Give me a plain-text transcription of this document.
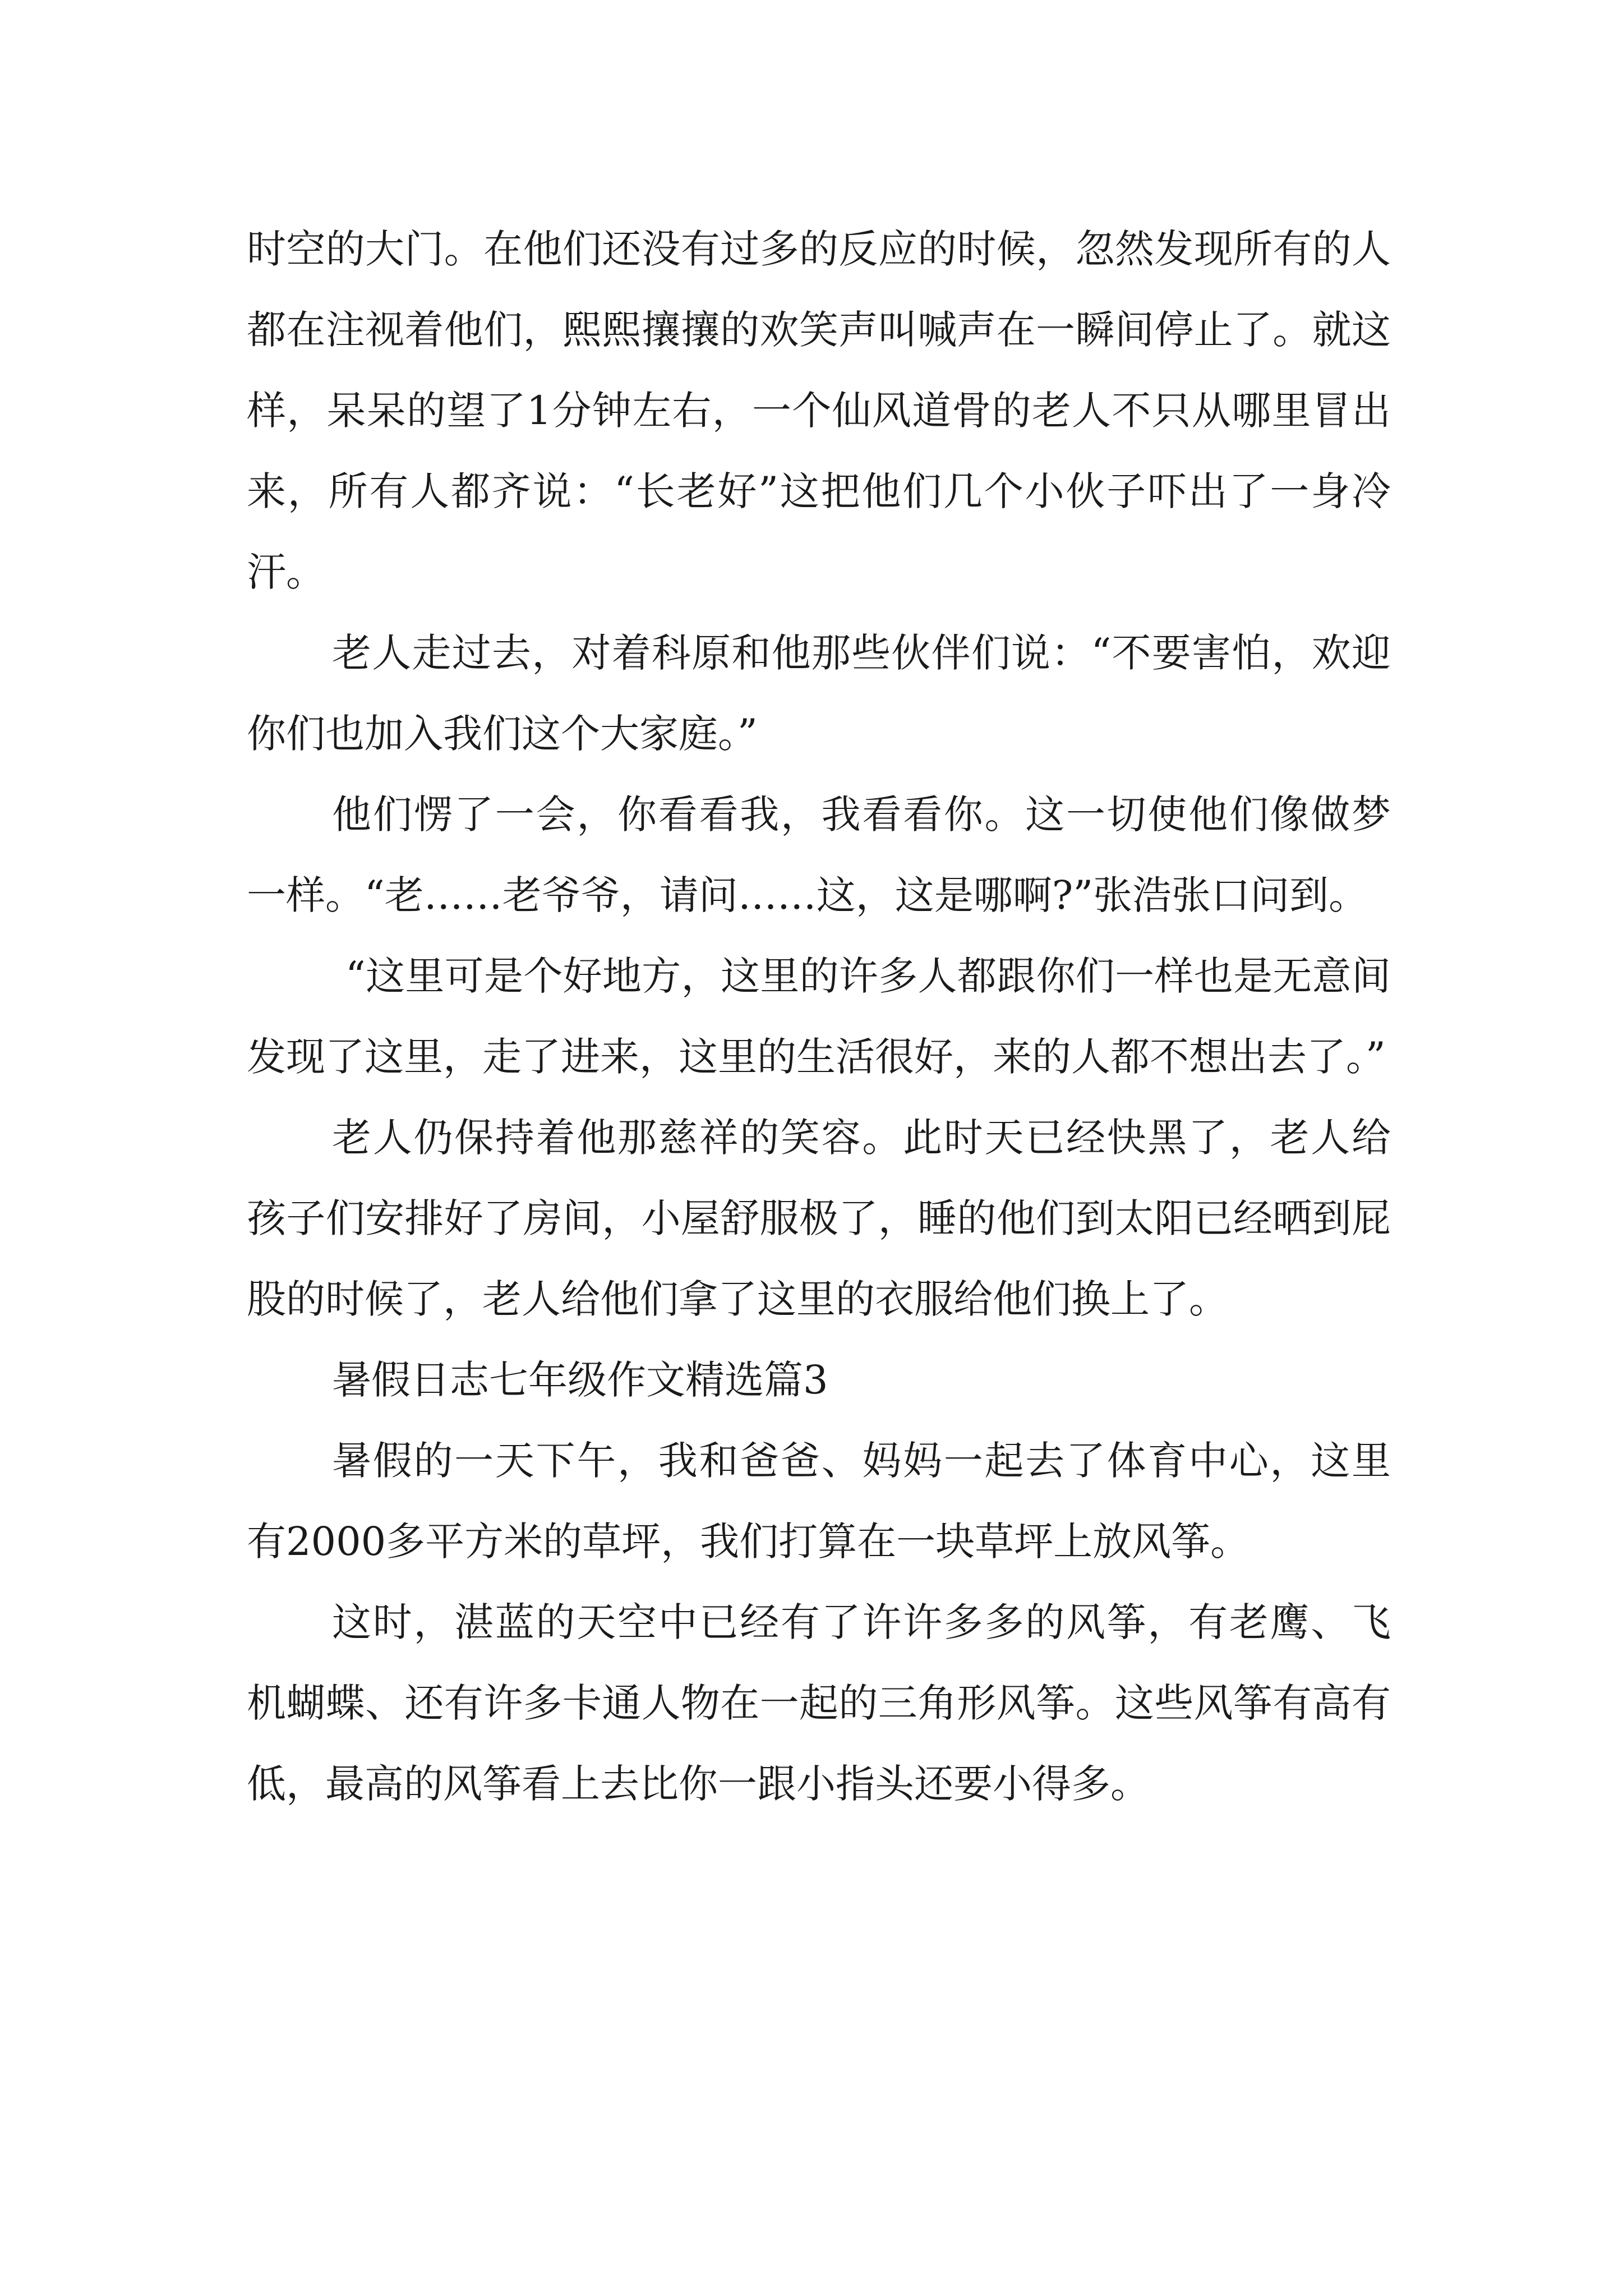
时空的大门。在他们还没有过多的反应的时候，忽然发现所有的人都在注视着他们，熙熙攘攘的欢笑声叫喊声在一瞬间停止了。就这样，呆呆的望了1分钟左右，一个仙风道骨的老人不只从哪里冒出来，所有人都齐说：“长老好”这把他们几个小伙子吓出了一身冷汗。

老人走过去，对着科原和他那些伙伴们说：“不要害怕，欢迎你们也加入我们这个大家庭。”

他们愣了一会，你看看我，我看看你。这一切使他们像做梦一样。“老……老爷爷，请问……这，这是哪啊?”张浩张口问到。

“这里可是个好地方，这里的许多人都跟你们一样也是无意间发现了这里，走了进来，这里的生活很好，来的人都不想出去了。”

老人仍保持着他那慈祥的笑容。此时天已经快黑了，老人给孩子们安排好了房间，小屋舒服极了，睡的他们到太阳已经晒到屁股的时候了，老人给他们拿了这里的衣服给他们换上了。

暑假日志七年级作文精选篇3

暑假的一天下午，我和爸爸、妈妈一起去了体育中心，这里有2000多平方米的草坪，我们打算在一块草坪上放风筝。

这时，湛蓝的天空中已经有了许许多多的风筝，有老鹰、飞机蝴蝶、还有许多卡通人物在一起的三角形风筝。这些风筝有高有低，最高的风筝看上去比你一跟小指头还要小得多。
